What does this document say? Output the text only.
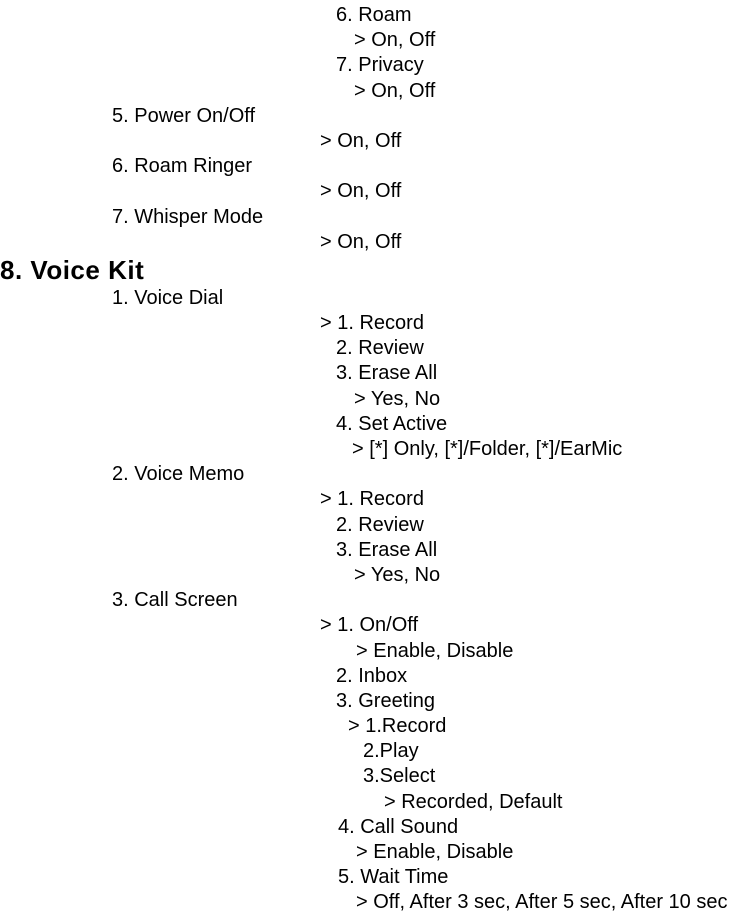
6. Roam
> On, Off
7. Privacy
> On, Off
5. Power On/Off
> On, Off
6. Roam Ringer
> On, Off
7. Whisper Mode
> On, Off
8. Voice Kit
1. Voice Dial
> 1. Record
2. Review
3. Erase All
> Yes, No
4. Set Active
> [*] Only, [*]/Folder, [*]/EarMic
2. Voice Memo
> 1. Record
2. Review
3. Erase All
> Yes, No
3. Call Screen
> 1. On/Off
> Enable, Disable
2. Inbox
3. Greeting
> 1.Record
2.Play
3.Select
> Recorded, Default
4. Call Sound
> Enable, Disable
5. Wait Time
> Off, After 3 sec, After 5 sec, After 10 sec
